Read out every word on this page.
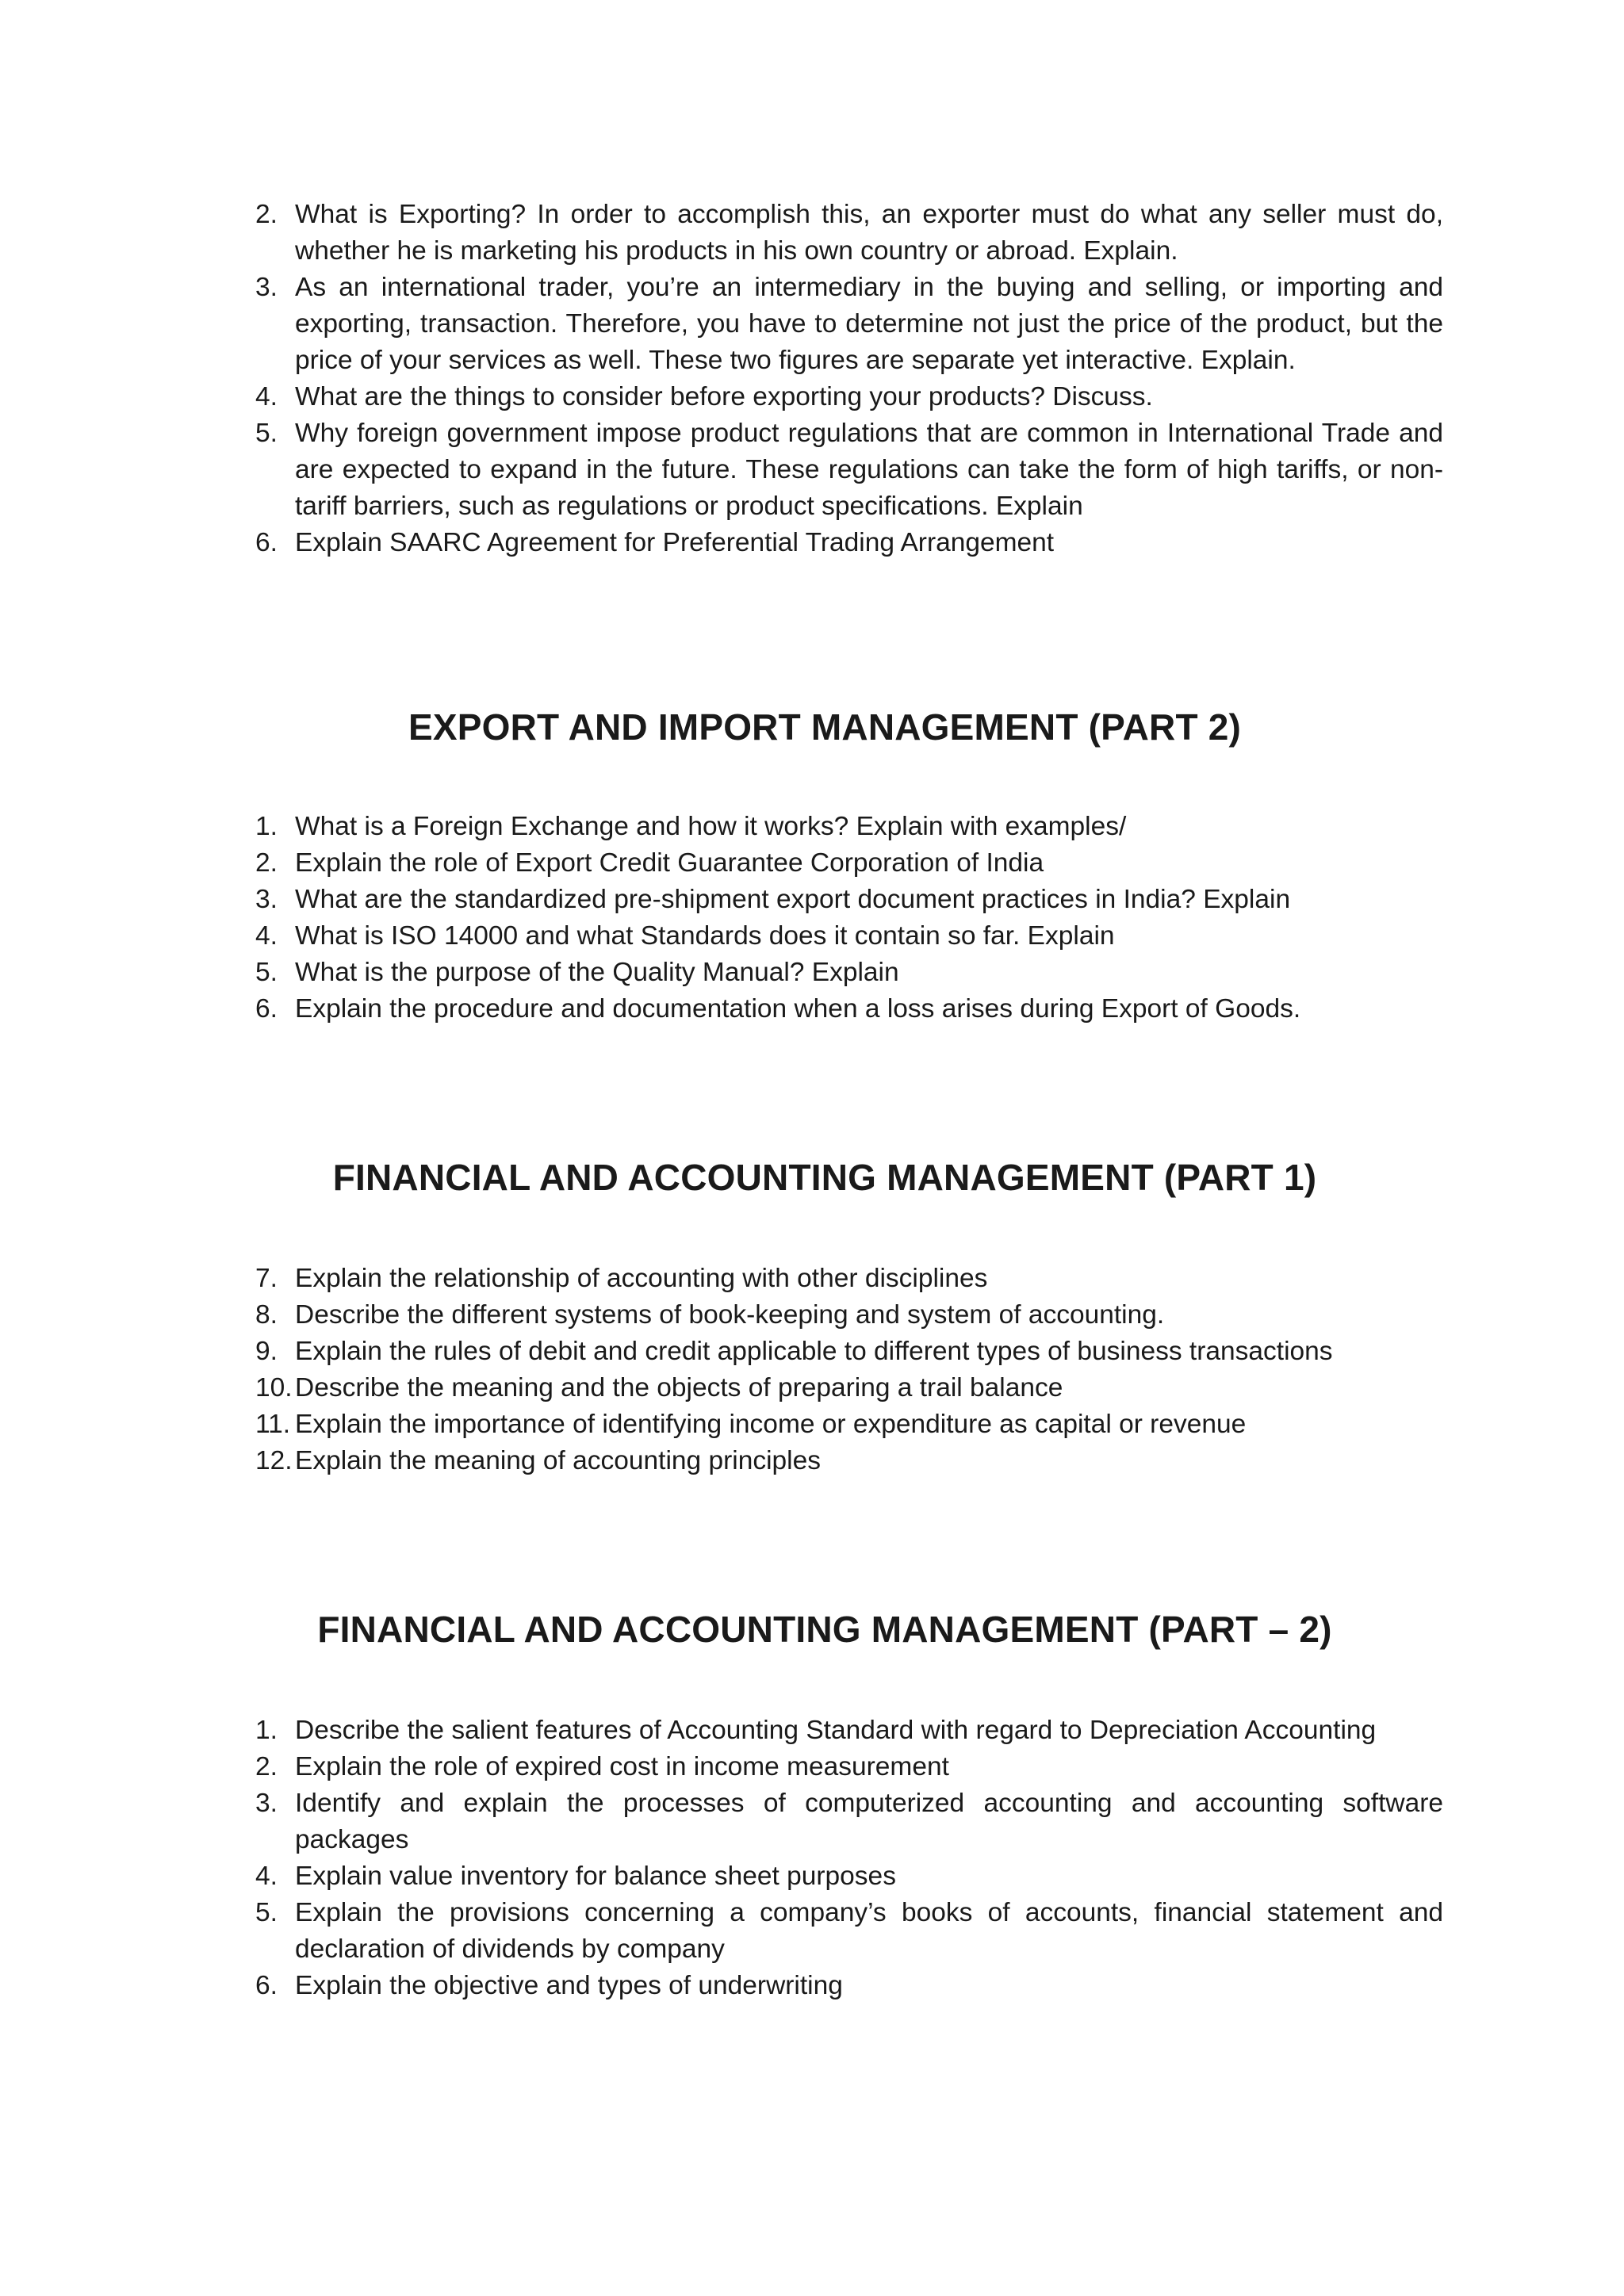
2. What is Exporting? In order to accomplish this, an exporter must do what any seller must do, whether he is marketing his products in his own country or abroad. Explain.
3. As an international trader, you’re an intermediary in the buying and selling, or importing and exporting, transaction. Therefore, you have to determine not just the price of the product, but the price of your services as well. These two figures are separate yet interactive. Explain.
4. What are the things to consider before exporting your products? Discuss.
5. Why foreign government impose product regulations that are common in International Trade and are expected to expand in the future. These regulations can take the form of high tariffs, or non-tariff barriers, such as regulations or product specifications. Explain
6. Explain SAARC Agreement for Preferential Trading Arrangement
EXPORT AND IMPORT MANAGEMENT (PART 2)
1. What is a Foreign Exchange and how it works? Explain with examples/
2. Explain the role of Export Credit Guarantee Corporation of India
3. What are the standardized pre-shipment export document practices in India? Explain
4. What is ISO 14000 and what Standards does it contain so far. Explain
5. What is the purpose of the Quality Manual? Explain
6. Explain the procedure and documentation when a loss arises during Export of Goods.
FINANCIAL AND ACCOUNTING MANAGEMENT (PART 1)
7. Explain the relationship of accounting with other disciplines
8. Describe the different systems of book-keeping and system of accounting.
9. Explain the rules of debit and credit applicable to different types of business transactions
10. Describe the meaning and the objects of preparing a trail balance
11. Explain the importance of identifying income or expenditure as capital or revenue
12. Explain the meaning of accounting principles
FINANCIAL AND ACCOUNTING MANAGEMENT (PART – 2)
1. Describe the salient features of Accounting Standard with regard to Depreciation Accounting
2. Explain the role of expired cost in income measurement
3. Identify and explain the processes of computerized accounting and accounting software packages
4. Explain value inventory for balance sheet purposes
5. Explain the provisions concerning a company’s books of accounts, financial statement and declaration of dividends by company
6. Explain the objective and types of underwriting
